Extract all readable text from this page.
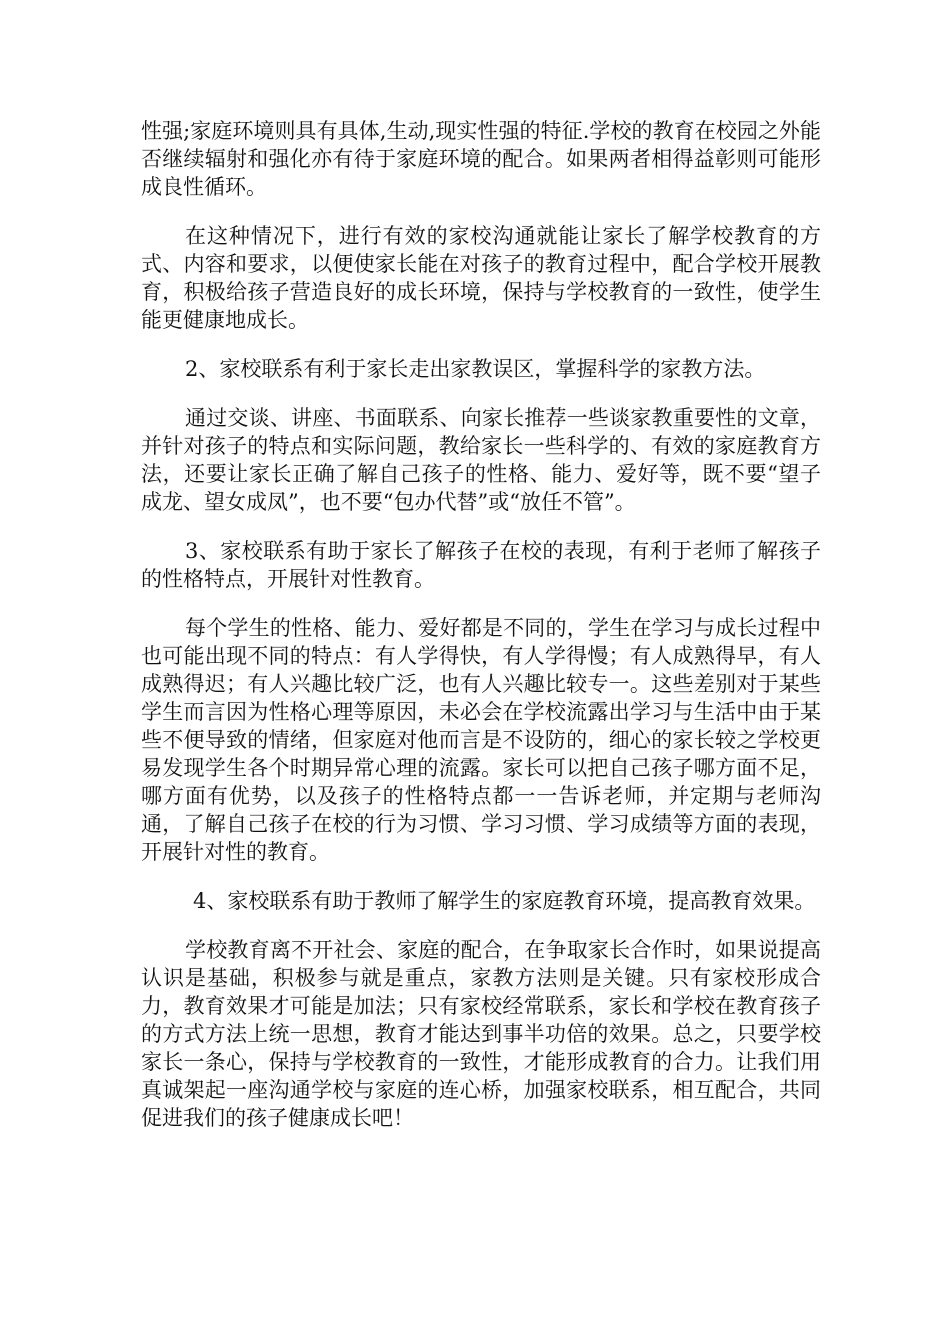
性强;家庭环境则具有具体,生动,现实性强的特征.学校的教育在校园之外能否继续辐射和强化亦有待于家庭环境的配合。如果两者相得益彰则可能形成良性循环。

在这种情况下，进行有效的家校沟通就能让家长了解学校教育的方式、内容和要求，以便使家长能在对孩子的教育过程中，配合学校开展教育，积极给孩子营造良好的成长环境，保持与学校教育的一致性，使学生能更健康地成长。

2、家校联系有利于家长走出家教误区，掌握科学的家教方法。

通过交谈、讲座、书面联系、向家长推荐一些谈家教重要性的文章，并针对孩子的特点和实际问题，教给家长一些科学的、有效的家庭教育方法，还要让家长正确了解自己孩子的性格、能力、爱好等，既不要“望子成龙、望女成凤”，也不要“包办代替”或“放任不管”。

3、家校联系有助于家长了解孩子在校的表现，有利于老师了解孩子的性格特点，开展针对性教育。

每个学生的性格、能力、爱好都是不同的，学生在学习与成长过程中也可能出现不同的特点：有人学得快，有人学得慢；有人成熟得早，有人成熟得迟；有人兴趣比较广泛，也有人兴趣比较专一。这些差别对于某些学生而言因为性格心理等原因，未必会在学校流露出学习与生活中由于某些不便导致的情绪，但家庭对他而言是不设防的，细心的家长较之学校更易发现学生各个时期异常心理的流露。家长可以把自己孩子哪方面不足，哪方面有优势，以及孩子的性格特点都一一告诉老师，并定期与老师沟通，了解自己孩子在校的行为习惯、学习习惯、学习成绩等方面的表现，开展针对性的教育。

4、家校联系有助于教师了解学生的家庭教育环境，提高教育效果。

学校教育离不开社会、家庭的配合，在争取家长合作时，如果说提高认识是基础，积极参与就是重点，家教方法则是关键。只有家校形成合力，教育效果才可能是加法；只有家校经常联系，家长和学校在教育孩子的方式方法上统一思想，教育才能达到事半功倍的效果。总之，只要学校家长一条心，保持与学校教育的一致性，才能形成教育的合力。让我们用真诚架起一座沟通学校与家庭的连心桥，加强家校联系，相互配合，共同促进我们的孩子健康成长吧！
